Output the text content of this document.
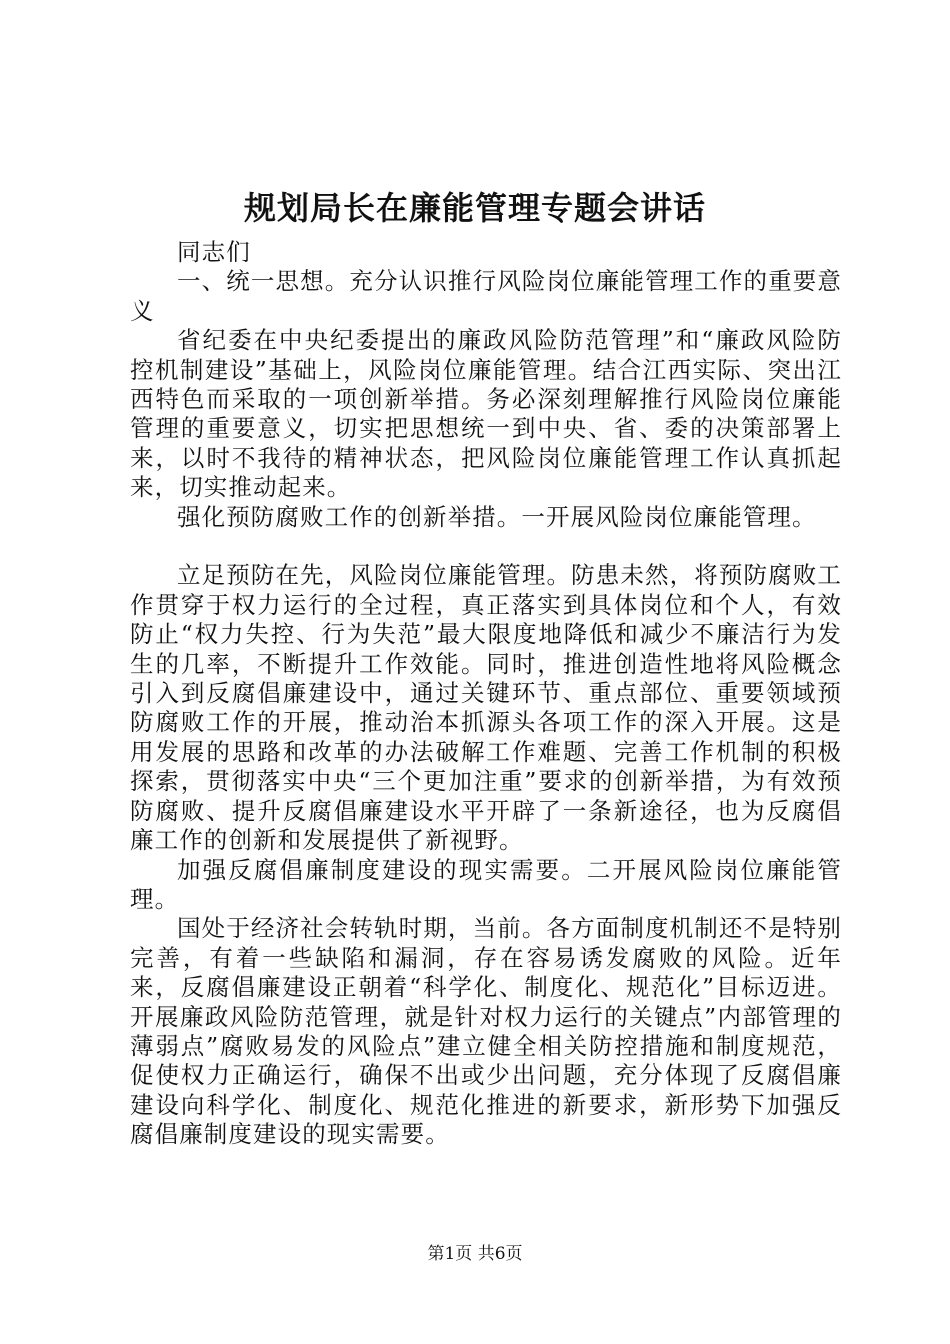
规划局长在廉能管理专题会讲话

同志们

一、统一思想。充分认识推行风险岗位廉能管理工作的重要意义

省纪委在中央纪委提出的廉政风险防范管理”和“廉政风险防控机制建设”基础上，风险岗位廉能管理。结合江西实际、突出江西特色而采取的一项创新举措。务必深刻理解推行风险岗位廉能管理的重要意义，切实把思想统一到中央、省、委的决策部署上来，以时不我待的精神状态，把风险岗位廉能管理工作认真抓起来，切实推动起来。

强化预防腐败工作的创新举措。一开展风险岗位廉能管理。

立足预防在先，风险岗位廉能管理。防患未然，将预防腐败工作贯穿于权力运行的全过程，真正落实到具体岗位和个人，有效防止“权力失控、行为失范”最大限度地降低和减少不廉洁行为发生的几率，不断提升工作效能。同时，推进创造性地将风险概念引入到反腐倡廉建设中，通过关键环节、重点部位、重要领域预防腐败工作的开展，推动治本抓源头各项工作的深入开展。这是用发展的思路和改革的办法破解工作难题、完善工作机制的积极探索，贯彻落实中央“三个更加注重”要求的创新举措，为有效预防腐败、提升反腐倡廉建设水平开辟了一条新途径，也为反腐倡廉工作的创新和发展提供了新视野。

加强反腐倡廉制度建设的现实需要。二开展风险岗位廉能管理。

国处于经济社会转轨时期，当前。各方面制度机制还不是特别完善，有着一些缺陷和漏洞，存在容易诱发腐败的风险。近年来，反腐倡廉建设正朝着“科学化、制度化、规范化”目标迈进。开展廉政风险防范管理，就是针对权力运行的关键点”内部管理的薄弱点”腐败易发的风险点”建立健全相关防控措施和制度规范，促使权力正确运行，确保不出或少出问题，充分体现了反腐倡廉建设向科学化、制度化、规范化推进的新要求，新形势下加强反腐倡廉制度建设的现实需要。

第1页 共6页
